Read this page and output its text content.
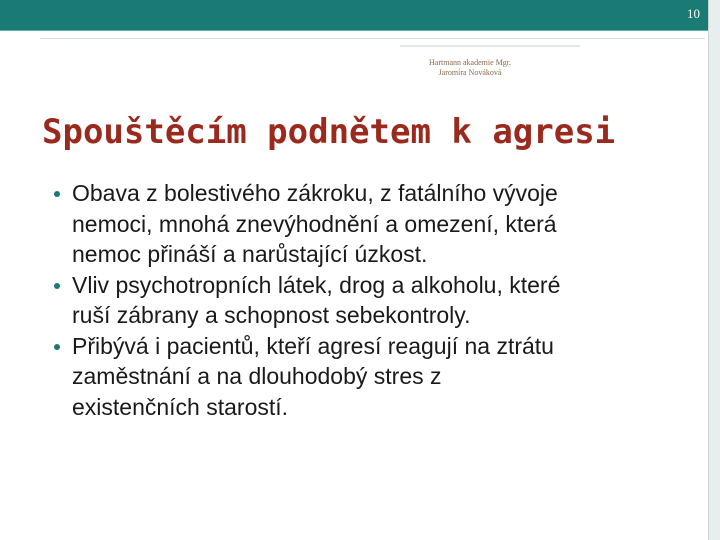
10
Hartmann akademie Mgr.
Jaromíra Nováková
Spouštěcím podnětem k agresi
Obava z bolestivého zákroku, z fatálního vývoje
nemoci, mnohá znevýhodnění a omezení, která
nemoc přináší a narůstající úzkost.
Vliv psychotropních látek, drog a alkoholu, které
ruší zábrany a schopnost sebekontroly.
Přibývá i pacientů, kteří agresí reagují na ztrátu
zaměstnání a na dlouhodobý stres z
existenčních starostí.
